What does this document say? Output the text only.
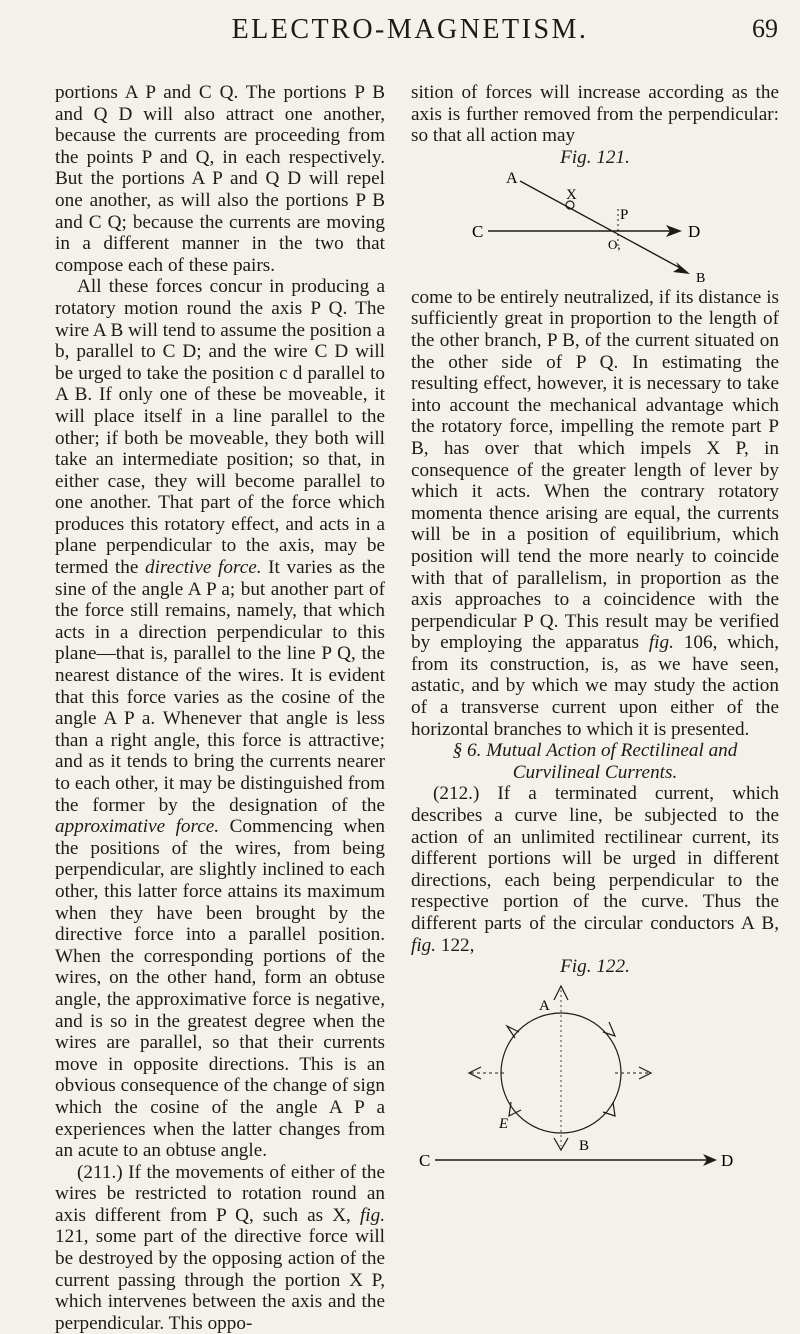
ELECTRO-MAGNETISM.	69

portions A P and C Q. The portions P B and Q D will also attract one another, because the currents are proceeding from the points P and Q, in each respectively. But the portions A P and Q D will repel one another, as will also the portions P B and C Q; because the currents are moving in a different manner in the two that compose each of these pairs.

All these forces concur in producing a rotatory motion round the axis P Q. The wire A B will tend to assume the position a b, parallel to C D; and the wire C D will be urged to take the position c d parallel to A B. If only one of these be moveable, it will place itself in a line parallel to the other; if both be moveable, they both will take an intermediate position; so that, in either case, they will become parallel to one another. That part of the force which produces this rotatory effect, and acts in a plane perpendicular to the axis, may be termed the directive force. It varies as the sine of the angle A P a; but another part of the force still remains, namely, that which acts in a direction perpendicular to this plane—that is, parallel to the line P Q, the nearest distance of the wires. It is evident that this force varies as the cosine of the angle A P a. Whenever that angle is less than a right angle, this force is attractive; and as it tends to bring the currents nearer to each other, it may be distinguished from the former by the designation of the approximative force. Commencing when the positions of the wires, from being perpendicular, are slightly inclined to each other, this latter force attains its maximum when they have been brought by the directive force into a parallel position. When the corresponding portions of the wires, on the other hand, form an obtuse angle, the approximative force is negative, and is so in the greatest degree when the wires are parallel, so that their currents move in opposite directions. This is an obvious consequence of the change of sign which the cosine of the angle A P a experiences when the latter changes from an acute to an obtuse angle.

(211.) If the movements of either of the wires be restricted to rotation round an axis different from P Q, such as X, fig. 121, some part of the directive force will be destroyed by the opposing action of the current passing through the portion X P, which intervenes between the axis and the perpendicular. This oppo-

sition of forces will increase according as the axis is further removed from the perpendicular: so that all action may

Fig. 121.

A
X
P
C
O,
D
B

come to be entirely neutralized, if its distance is sufficiently great in proportion to the length of the other branch, P B, of the current situated on the other side of P Q. In estimating the resulting effect, however, it is necessary to take into account the mechanical advantage which the rotatory force, impelling the remote part P B, has over that which impels X P, in consequence of the greater length of lever by which it acts. When the contrary rotatory momenta thence arising are equal, the currents will be in a position of equilibrium, which position will tend the more nearly to coincide with that of parallelism, in proportion as the axis approaches to a coincidence with the perpendicular P Q. This result may be verified by employing the apparatus fig. 106, which, from its construction, is, as we have seen, astatic, and by which we may study the action of a transverse current upon either of the horizontal branches to which it is presented.

§ 6. Mutual Action of Rectilineal and Curvilineal Currents.

(212.) If a terminated current, which describes a curve line, be subjected to the action of an unlimited rectilinear current, its different portions will be urged in different directions, each being perpendicular to the respective portion of the curve. Thus the different parts of the circular conductors A B, fig. 122,

Fig. 122.

A
E
B
C	D
